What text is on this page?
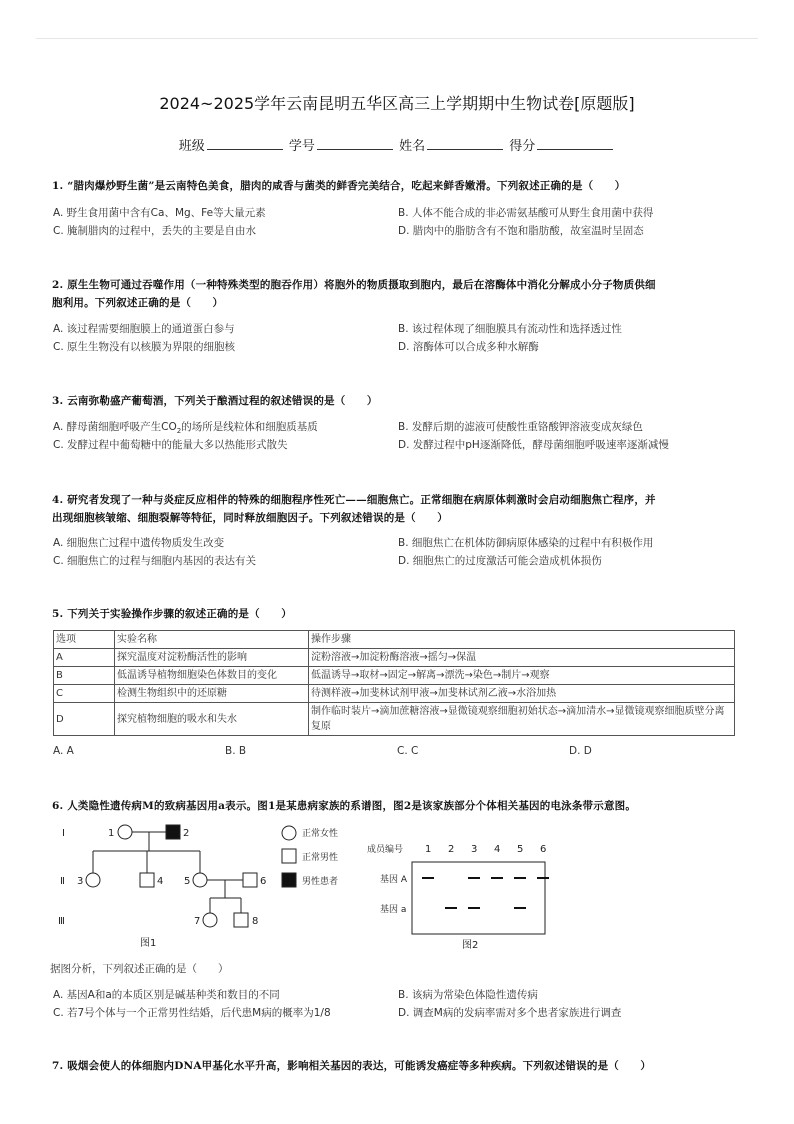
2024~2025学年云南昆明五华区高三上学期期中生物试卷[原题版]
班级	学号	姓名	得分
1. “腊肉爆炒野生菌”是云南特色美食，腊肉的咸香与菌类的鲜香完美结合，吃起来鲜香嫩滑。下列叙述正确的是（　　）
A. 野生食用菌中含有Ca、Mg、Fe等大量元素	B. 人体不能合成的非必需氨基酸可从野生食用菌中获得
C. 腌制腊肉的过程中，丢失的主要是自由水	D. 腊肉中的脂肪含有不饱和脂肪酸，故室温时呈固态
2. 原生生物可通过吞噬作用（一种特殊类型的胞吞作用）将胞外的物质摄取到胞内，最后在溶酶体中消化分解成小分子物质供细
胞利用。下列叙述正确的是（　　）
A. 该过程需要细胞膜上的通道蛋白参与	B. 该过程体现了细胞膜具有流动性和选择透过性
C. 原生生物没有以核膜为界限的细胞核	D. 溶酶体可以合成多种水解酶
3. 云南弥勒盛产葡萄酒，下列关于酿酒过程的叙述错误的是（　　）
A. 酵母菌细胞呼吸产生$CO_2$的场所是线粒体和细胞质基质	B. 发酵后期的滤液可使酸性重铬酸钾溶液变成灰绿色
C. 发酵过程中葡萄糖中的能量大多以热能形式散失	D. 发酵过程中pH逐渐降低，酵母菌细胞呼吸速率逐渐减慢
4. 研究者发现了一种与炎症反应相伴的特殊的细胞程序性死亡——细胞焦亡。正常细胞在病原体刺激时会启动细胞焦亡程序，并
出现细胞核皱缩、细胞裂解等特征，同时释放细胞因子。下列叙述错误的是（　　）
A. 细胞焦亡过程中遗传物质发生改变	B. 细胞焦亡在机体防御病原体感染的过程中有积极作用
C. 细胞焦亡的过程与细胞内基因的表达有关	D. 细胞焦亡的过度激活可能会造成机体损伤
5. 下列关于实验操作步骤的叙述正确的是（　　）
选项	实验名称	操作步骤
A	探究温度对淀粉酶活性的影响	淀粉溶液→加淀粉酶溶液→摇匀→保温
B	低温诱导植物细胞染色体数目的变化	低温诱导→取材→固定→解离→漂洗→染色→制片→观察
C	检测生物组织中的还原糖	待测样液→加斐林试剂甲液→加斐林试剂乙液→水浴加热
D	探究植物细胞的吸水和失水	制作临时装片→滴加蔗糖溶液→显微镜观察细胞初始状态→滴加清水→显微镜观察细胞质壁分离复原
A. A	B. B	C. C	D. D
6. 人类隐性遗传病M的致病基因用a表示。图1是某患病家族的系谱图，图2是该家族部分个体相关基因的电泳条带示意图。
Ⅰ
Ⅱ
Ⅲ
1	2
3	4 5	6
7	8
正常女性
正常男性
男性患者
图1
成员编号 1 2 3 4 5 6
基因 A
基因 a
图2
据图分析，下列叙述正确的是（　　）
A. 基因A和a的本质区别是碱基种类和数目的不同	B. 该病为常染色体隐性遗传病
C. 若7号个体与一个正常男性结婚，后代患M病的概率为1/8	D. 调查M病的发病率需对多个患者家族进行调查
7. 吸烟会使人的体细胞内DNA甲基化水平升高，影响相关基因的表达，可能诱发癌症等多种疾病。下列叙述错误的是（　　）
